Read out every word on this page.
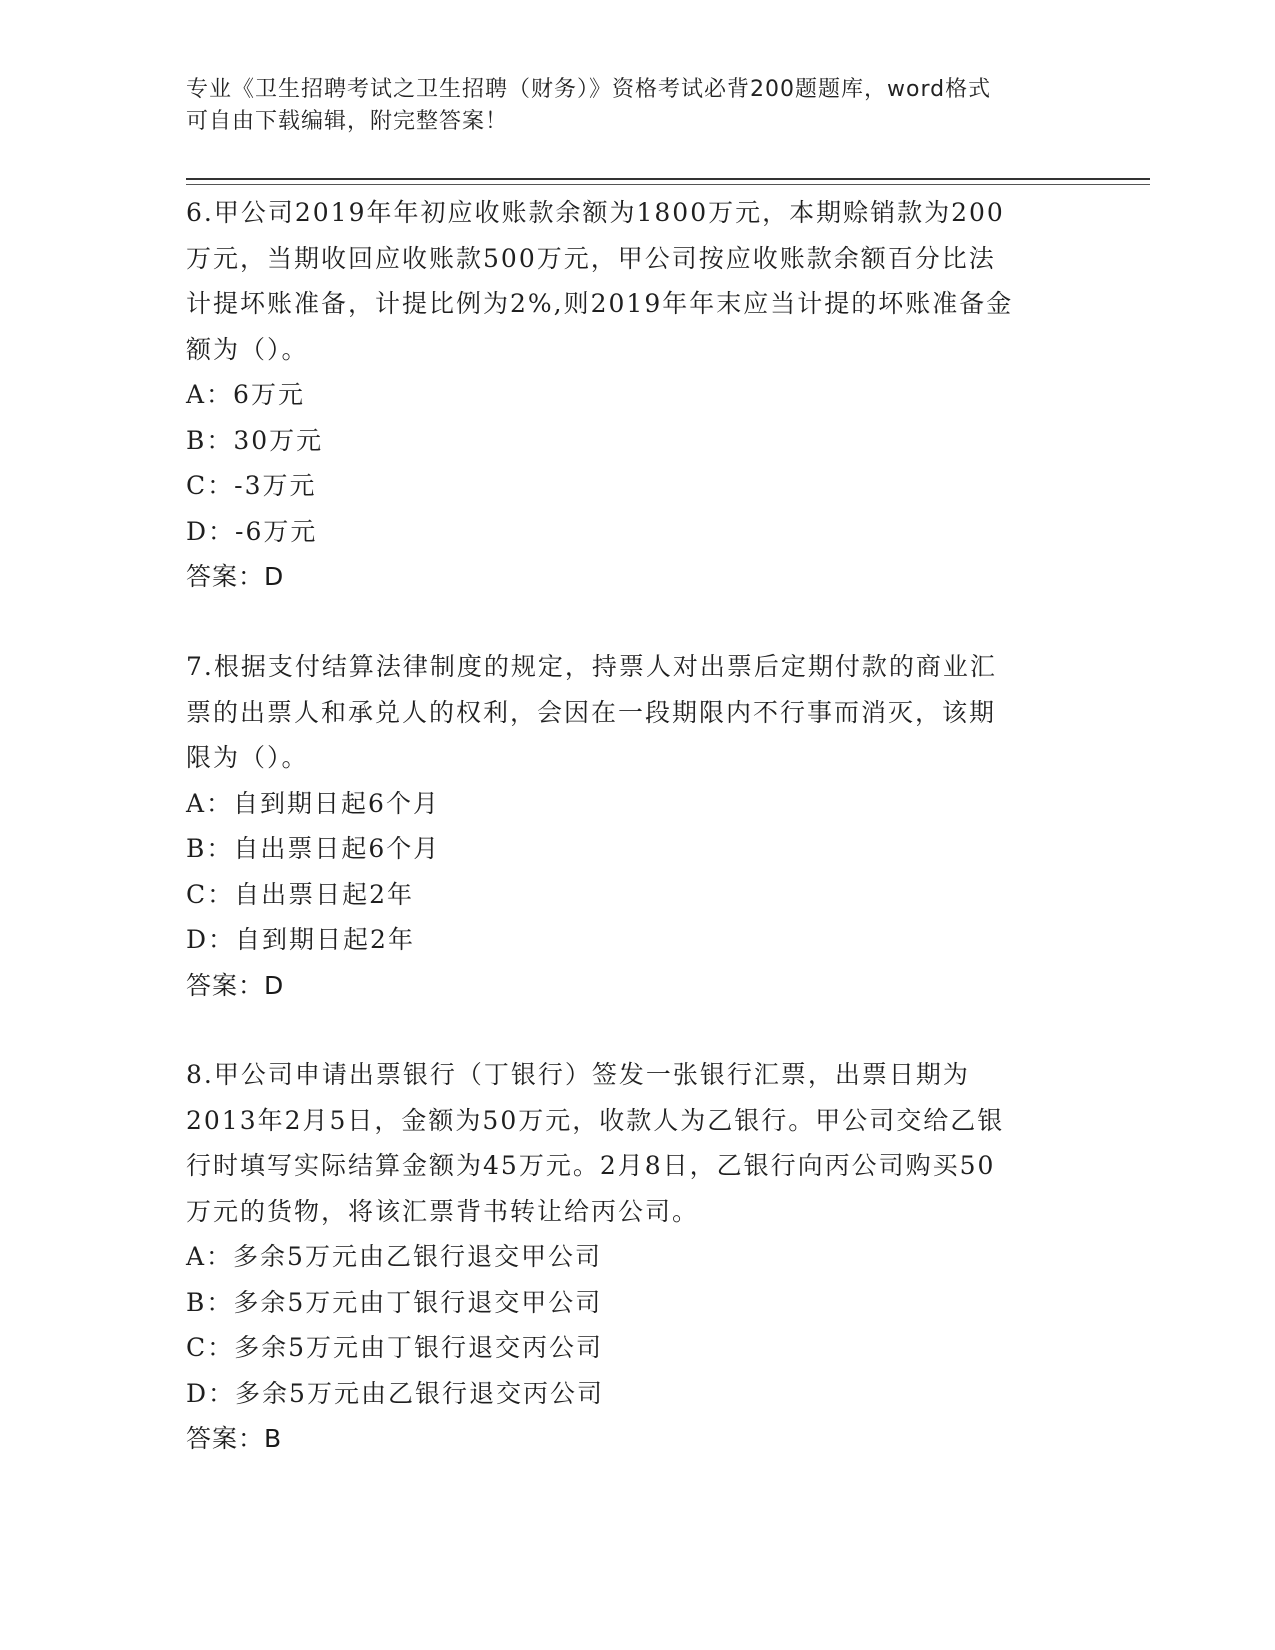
专业《卫生招聘考试之卫生招聘（财务）》资格考试必背200题题库，word格式
可自由下载编辑，附完整答案！

6.甲公司2019年年初应收账款余额为1800万元，本期赊销款为200

万元，当期收回应收账款500万元，甲公司按应收账款余额百分比法

计提坏账准备，计提比例为2%,则2019年年末应当计提的坏账准备金

额为（）。

A：6万元

B：30万元

C：-3万元

D：-6万元

答案：D

7.根据支付结算法律制度的规定，持票人对出票后定期付款的商业汇

票的出票人和承兑人的权利，会因在一段期限内不行事而消灭，该期

限为（）。

A：自到期日起6个月

B：自出票日起6个月

C：自出票日起2年

D：自到期日起2年

答案：D

8.甲公司申请出票银行（丁银行）签发一张银行汇票，出票日期为

2013年2月5日，金额为50万元，收款人为乙银行。甲公司交给乙银

行时填写实际结算金额为45万元。2月8日，乙银行向丙公司购买50

万元的货物，将该汇票背书转让给丙公司。

A：多余5万元由乙银行退交甲公司

B：多余5万元由丁银行退交甲公司

C：多余5万元由丁银行退交丙公司

D：多余5万元由乙银行退交丙公司

答案：B
